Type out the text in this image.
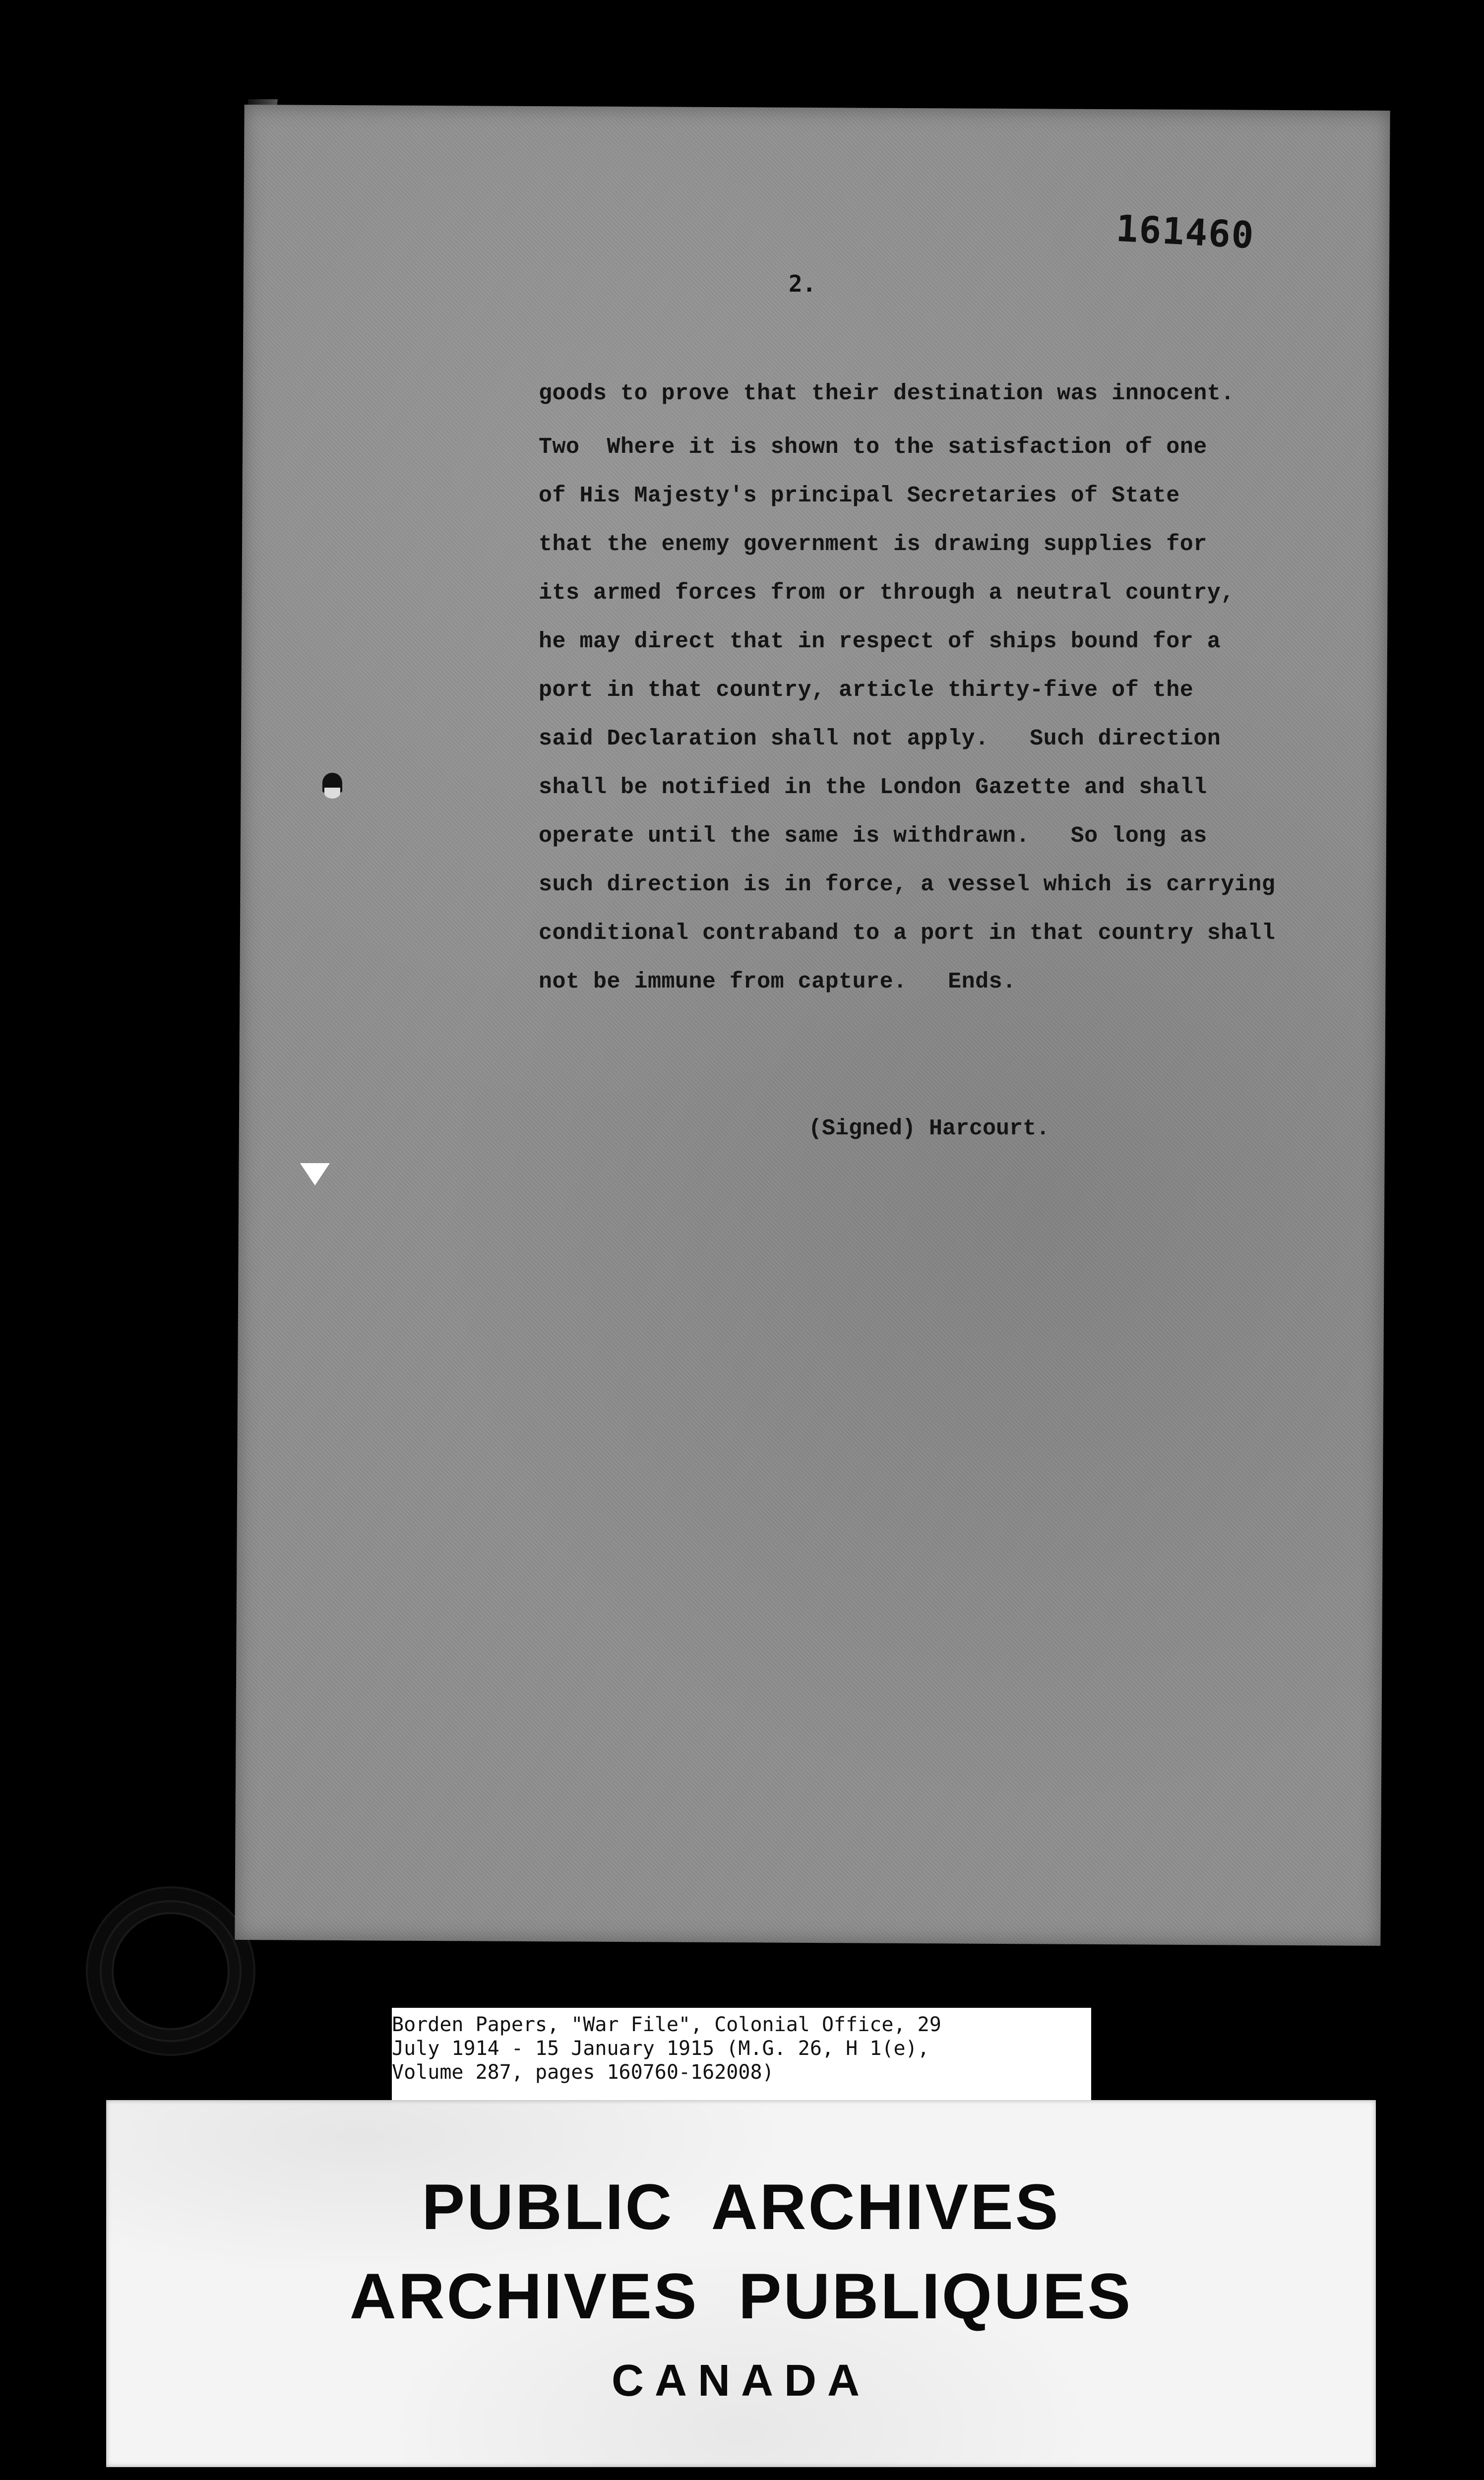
161460
2.
goods to prove that their destination was innocent.
Two  Where it is shown to the satisfaction of one
of His Majesty's principal Secretaries of State
that the enemy government is drawing supplies for
its armed forces from or through a neutral country,
he may direct that in respect of ships bound for a
port in that country, article thirty-five of the
said Declaration shall not apply.   Such direction
shall be notified in the London Gazette and shall
operate until the same is withdrawn.   So long as
such direction is in force, a vessel which is carrying
conditional contraband to a port in that country shall
not be immune from capture.   Ends.
(Signed) Harcourt.
Borden Papers, "War File", Colonial Office, 29
July 1914 - 15 January 1915 (M.G. 26, H 1(e),
Volume 287, pages 160760-162008)
PUBLIC  ARCHIVES
ARCHIVES  PUBLIQUES
CANADA
